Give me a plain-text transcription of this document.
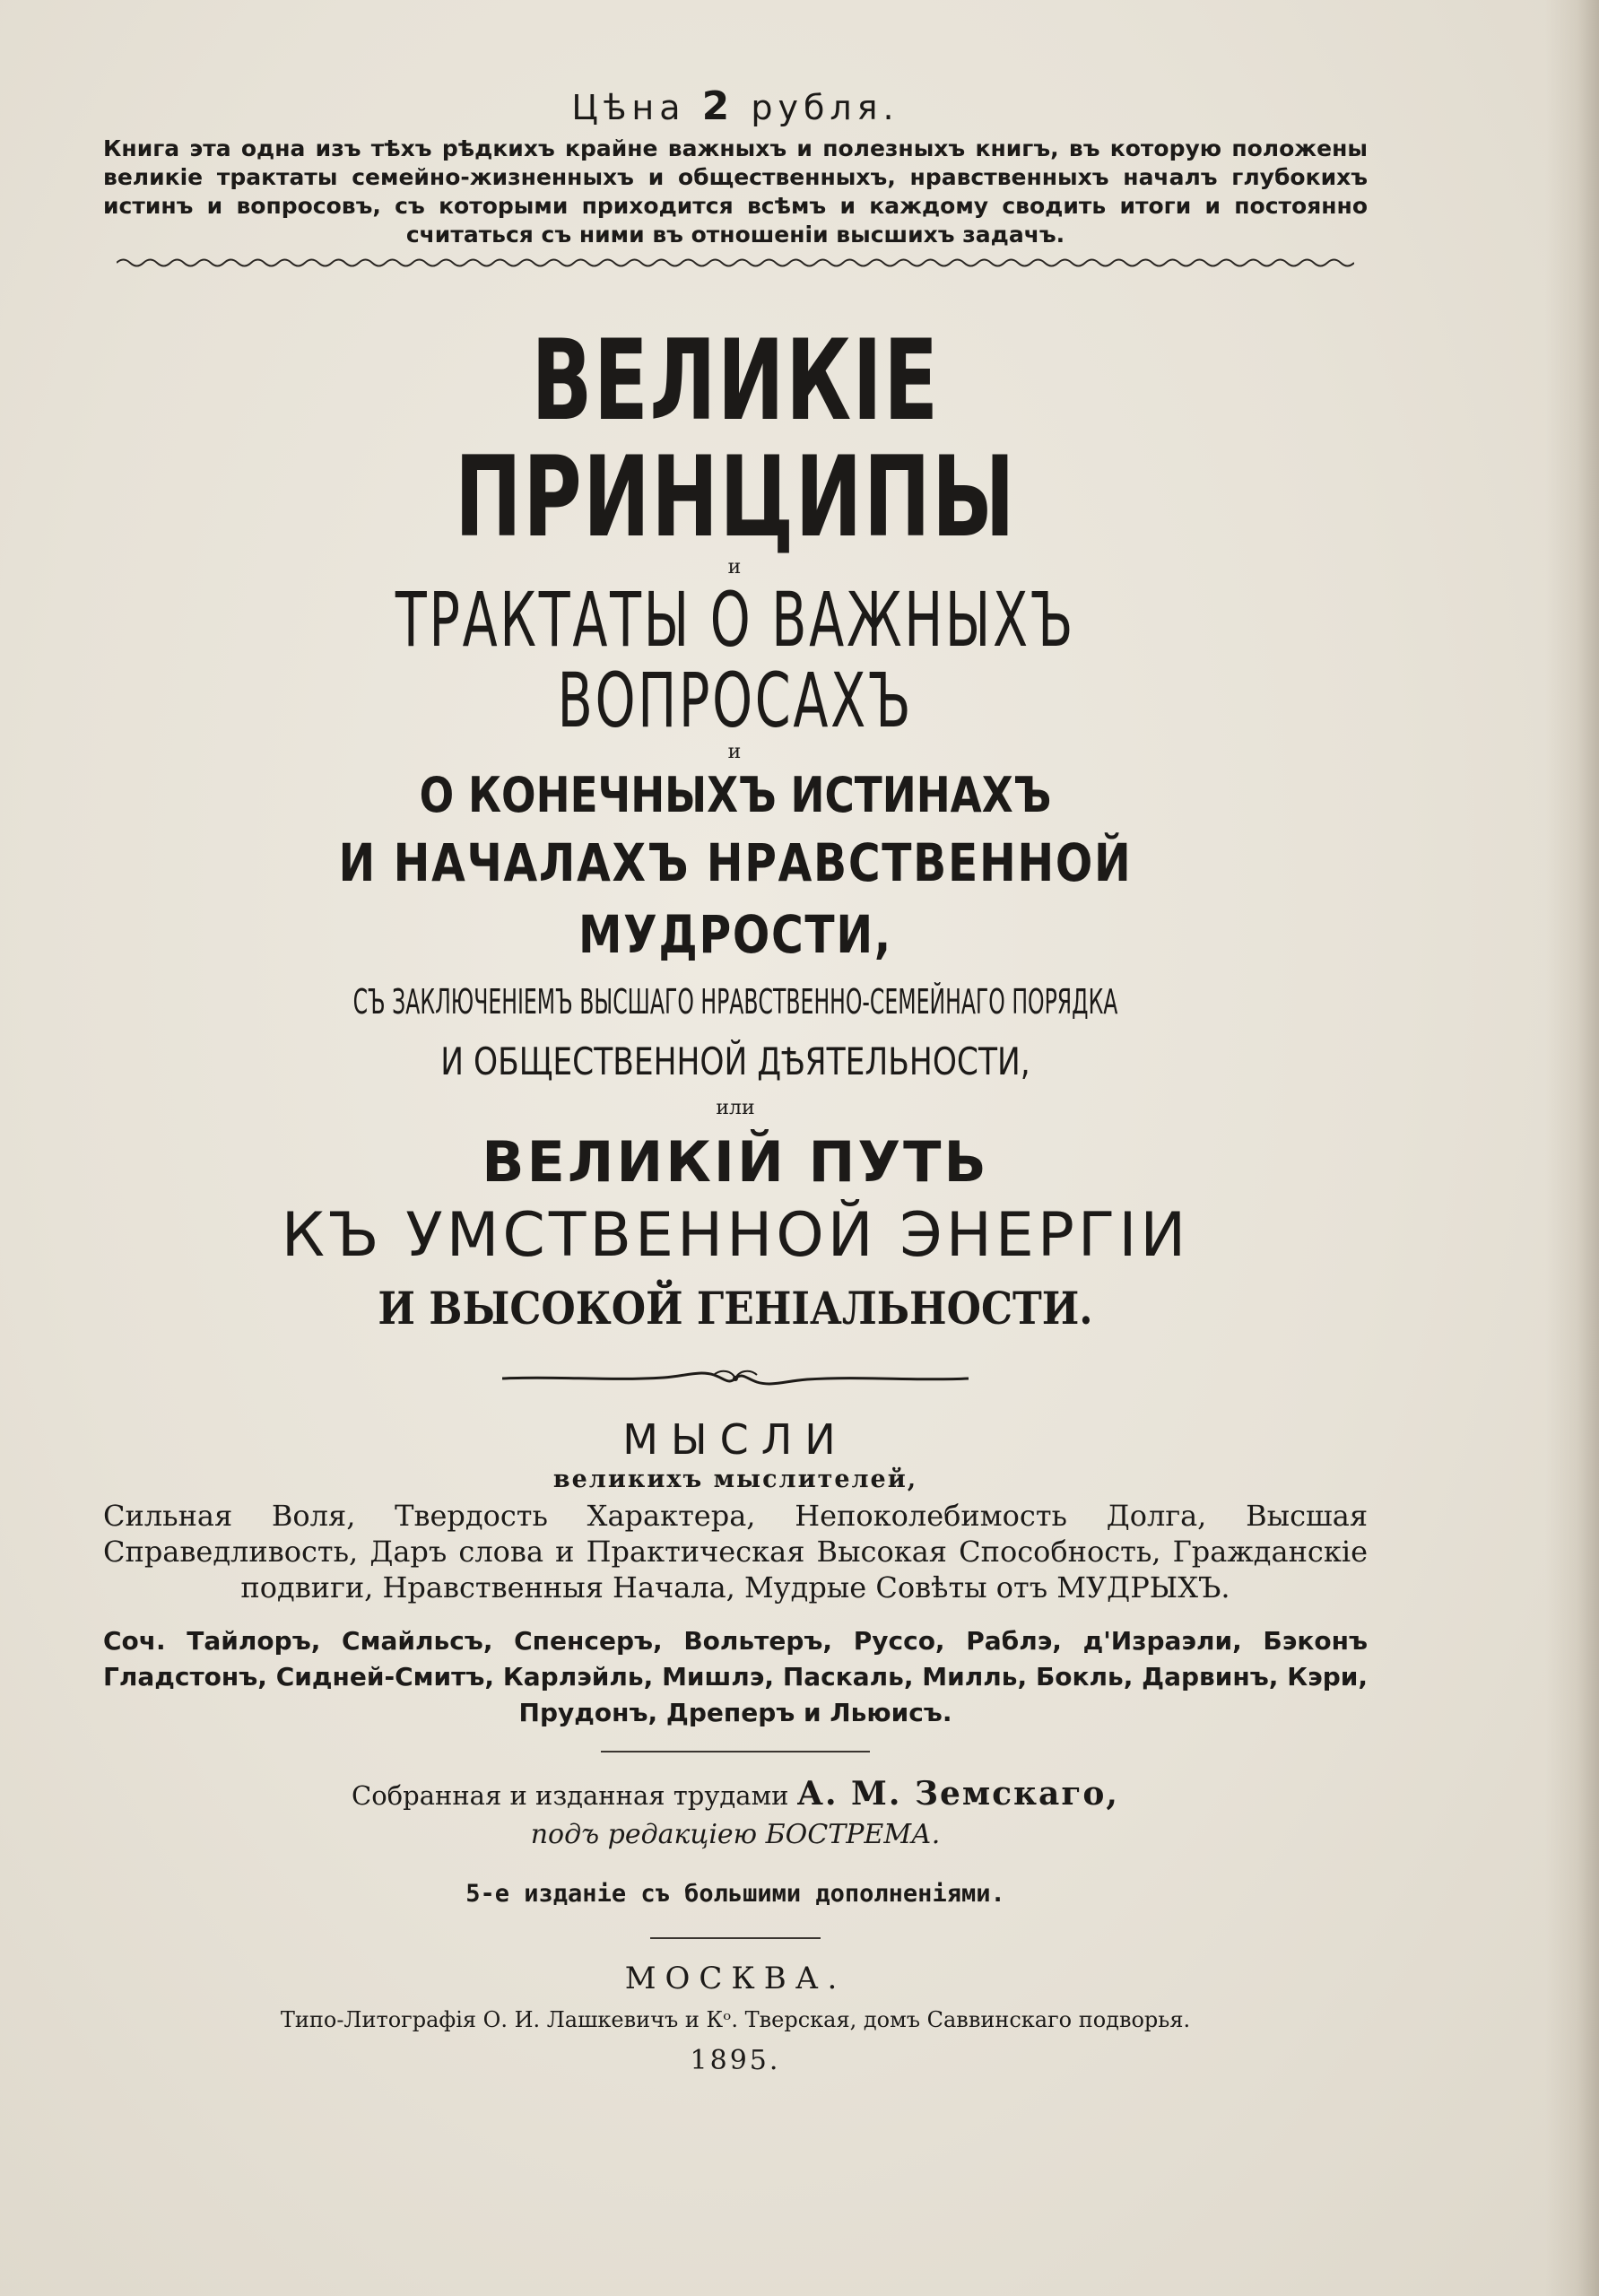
Цѣна 2 рубля.

Книга эта одна изъ тѣхъ рѣдкихъ крайне важныхъ и полезныхъ книгъ, въ которую положены великіе трактаты семейно-жизненныхъ и общественныхъ, нравственныхъ началъ глубокихъ истинъ и вопросовъ, съ которыми приходится всѣмъ и каждому сводить итоги и постоянно считаться съ ними въ отношеніи высшихъ задачъ.

ВЕЛИКІЕ ПРИНЦИПЫ

и

ТРАКТАТЫ О ВАЖНЫХЪ ВОПРОСАХЪ

и

О КОНЕЧНЫХЪ ИСТИНАХЪ

И НАЧАЛАХЪ НРАВСТВЕННОЙ МУДРОСТИ,

СЪ ЗАКЛЮЧЕНІЕМЪ ВЫСШАГО НРАВСТВЕННО-СЕМЕЙНАГО ПОРЯДКА

И ОБЩЕСТВЕННОЙ ДѢЯТЕЛЬНОСТИ,

или

ВЕЛИКІЙ ПУТЬ

КЪ УМСТВЕННОЙ ЭНЕРГІИ

И ВЫСОКОЙ ГЕНІАЛЬНОСТИ.

МЫСЛИ

великихъ мыслителей,

Сильная Воля, Твердость Характера, Непоколебимость Долга, Высшая Справедливость, Даръ слова и Практическая Высокая Способность, Гражданскіе подвиги, Нравственныя Начала, Мудрые Совѣты отъ МУДРЫХЪ.

Соч. Тайлоръ, Смайльсъ, Спенсеръ, Вольтеръ, Руссо, Раблэ, д'Израэли, Бэконъ Гладстонъ, Сидней-Смитъ, Карлэйль, Мишлэ, Паскаль, Милль, Бокль, Дарвинъ, Кэри, Прудонъ, Дреперъ и Льюисъ.

Собранная и изданная трудами А. М. Земскаго,

подъ редакціею БОСТРЕМА.

5-е изданіе съ большими дополненіями.

МОСКВА.

Типо-Литографія О. И. Лашкевичъ и Кᵒ. Тверская, домъ Саввинскаго подворья.

1895.
